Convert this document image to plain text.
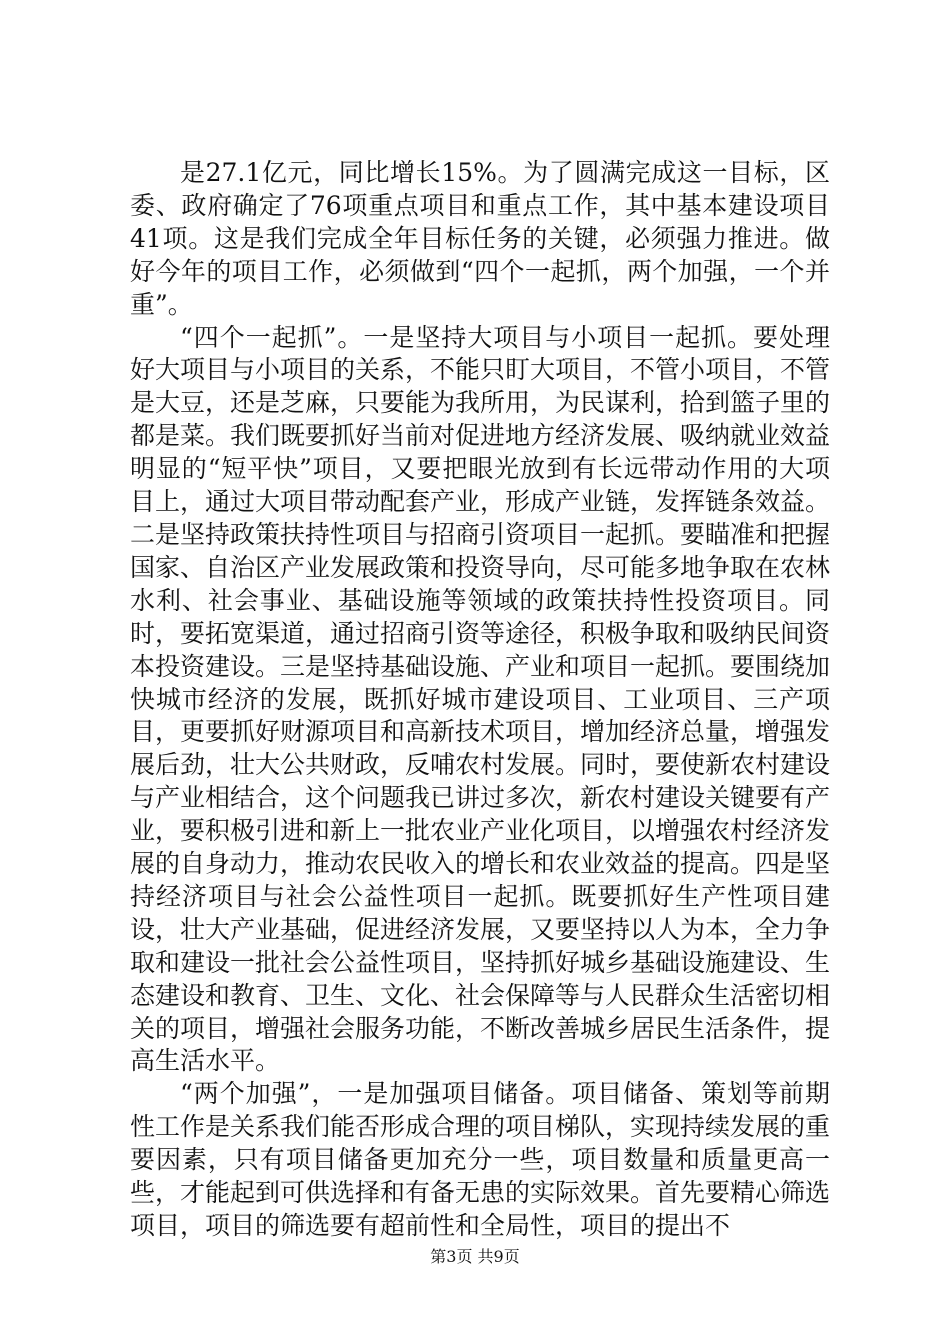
是27.1亿元，同比增长15%。为了圆满完成这一目标，区委、政府确定了76项重点项目和重点工作，其中基本建设项目41项。这是我们完成全年目标任务的关键，必须强力推进。做好今年的项目工作，必须做到“四个一起抓，两个加强，一个并重”。

“四个一起抓”。一是坚持大项目与小项目一起抓。要处理好大项目与小项目的关系，不能只盯大项目，不管小项目，不管是大豆，还是芝麻，只要能为我所用，为民谋利，拾到篮子里的都是菜。我们既要抓好当前对促进地方经济发展、吸纳就业效益明显的“短平快”项目，又要把眼光放到有长远带动作用的大项目上，通过大项目带动配套产业，形成产业链，发挥链条效益。二是坚持政策扶持性项目与招商引资项目一起抓。要瞄准和把握国家、自治区产业发展政策和投资导向，尽可能多地争取在农林水利、社会事业、基础设施等领域的政策扶持性投资项目。同时，要拓宽渠道，通过招商引资等途径，积极争取和吸纳民间资本投资建设。三是坚持基础设施、产业和项目一起抓。要围绕加快城市经济的发展，既抓好城市建设项目、工业项目、三产项目，更要抓好财源项目和高新技术项目，增加经济总量，增强发展后劲，壮大公共财政，反哺农村发展。同时，要使新农村建设与产业相结合，这个问题我已讲过多次，新农村建设关键要有产业，要积极引进和新上一批农业产业化项目，以增强农村经济发展的自身动力，推动农民收入的增长和农业效益的提高。四是坚持经济项目与社会公益性项目一起抓。既要抓好生产性项目建设，壮大产业基础，促进经济发展，又要坚持以人为本，全力争取和建设一批社会公益性项目，坚持抓好城乡基础设施建设、生态建设和教育、卫生、文化、社会保障等与人民群众生活密切相关的项目，增强社会服务功能，不断改善城乡居民生活条件，提高生活水平。

“两个加强”，一是加强项目储备。项目储备、策划等前期性工作是关系我们能否形成合理的项目梯队，实现持续发展的重要因素，只有项目储备更加充分一些，项目数量和质量更高一些，才能起到可供选择和有备无患的实际效果。首先要精心筛选项目，项目的筛选要有超前性和全局性，项目的提出不

第3页 共9页
